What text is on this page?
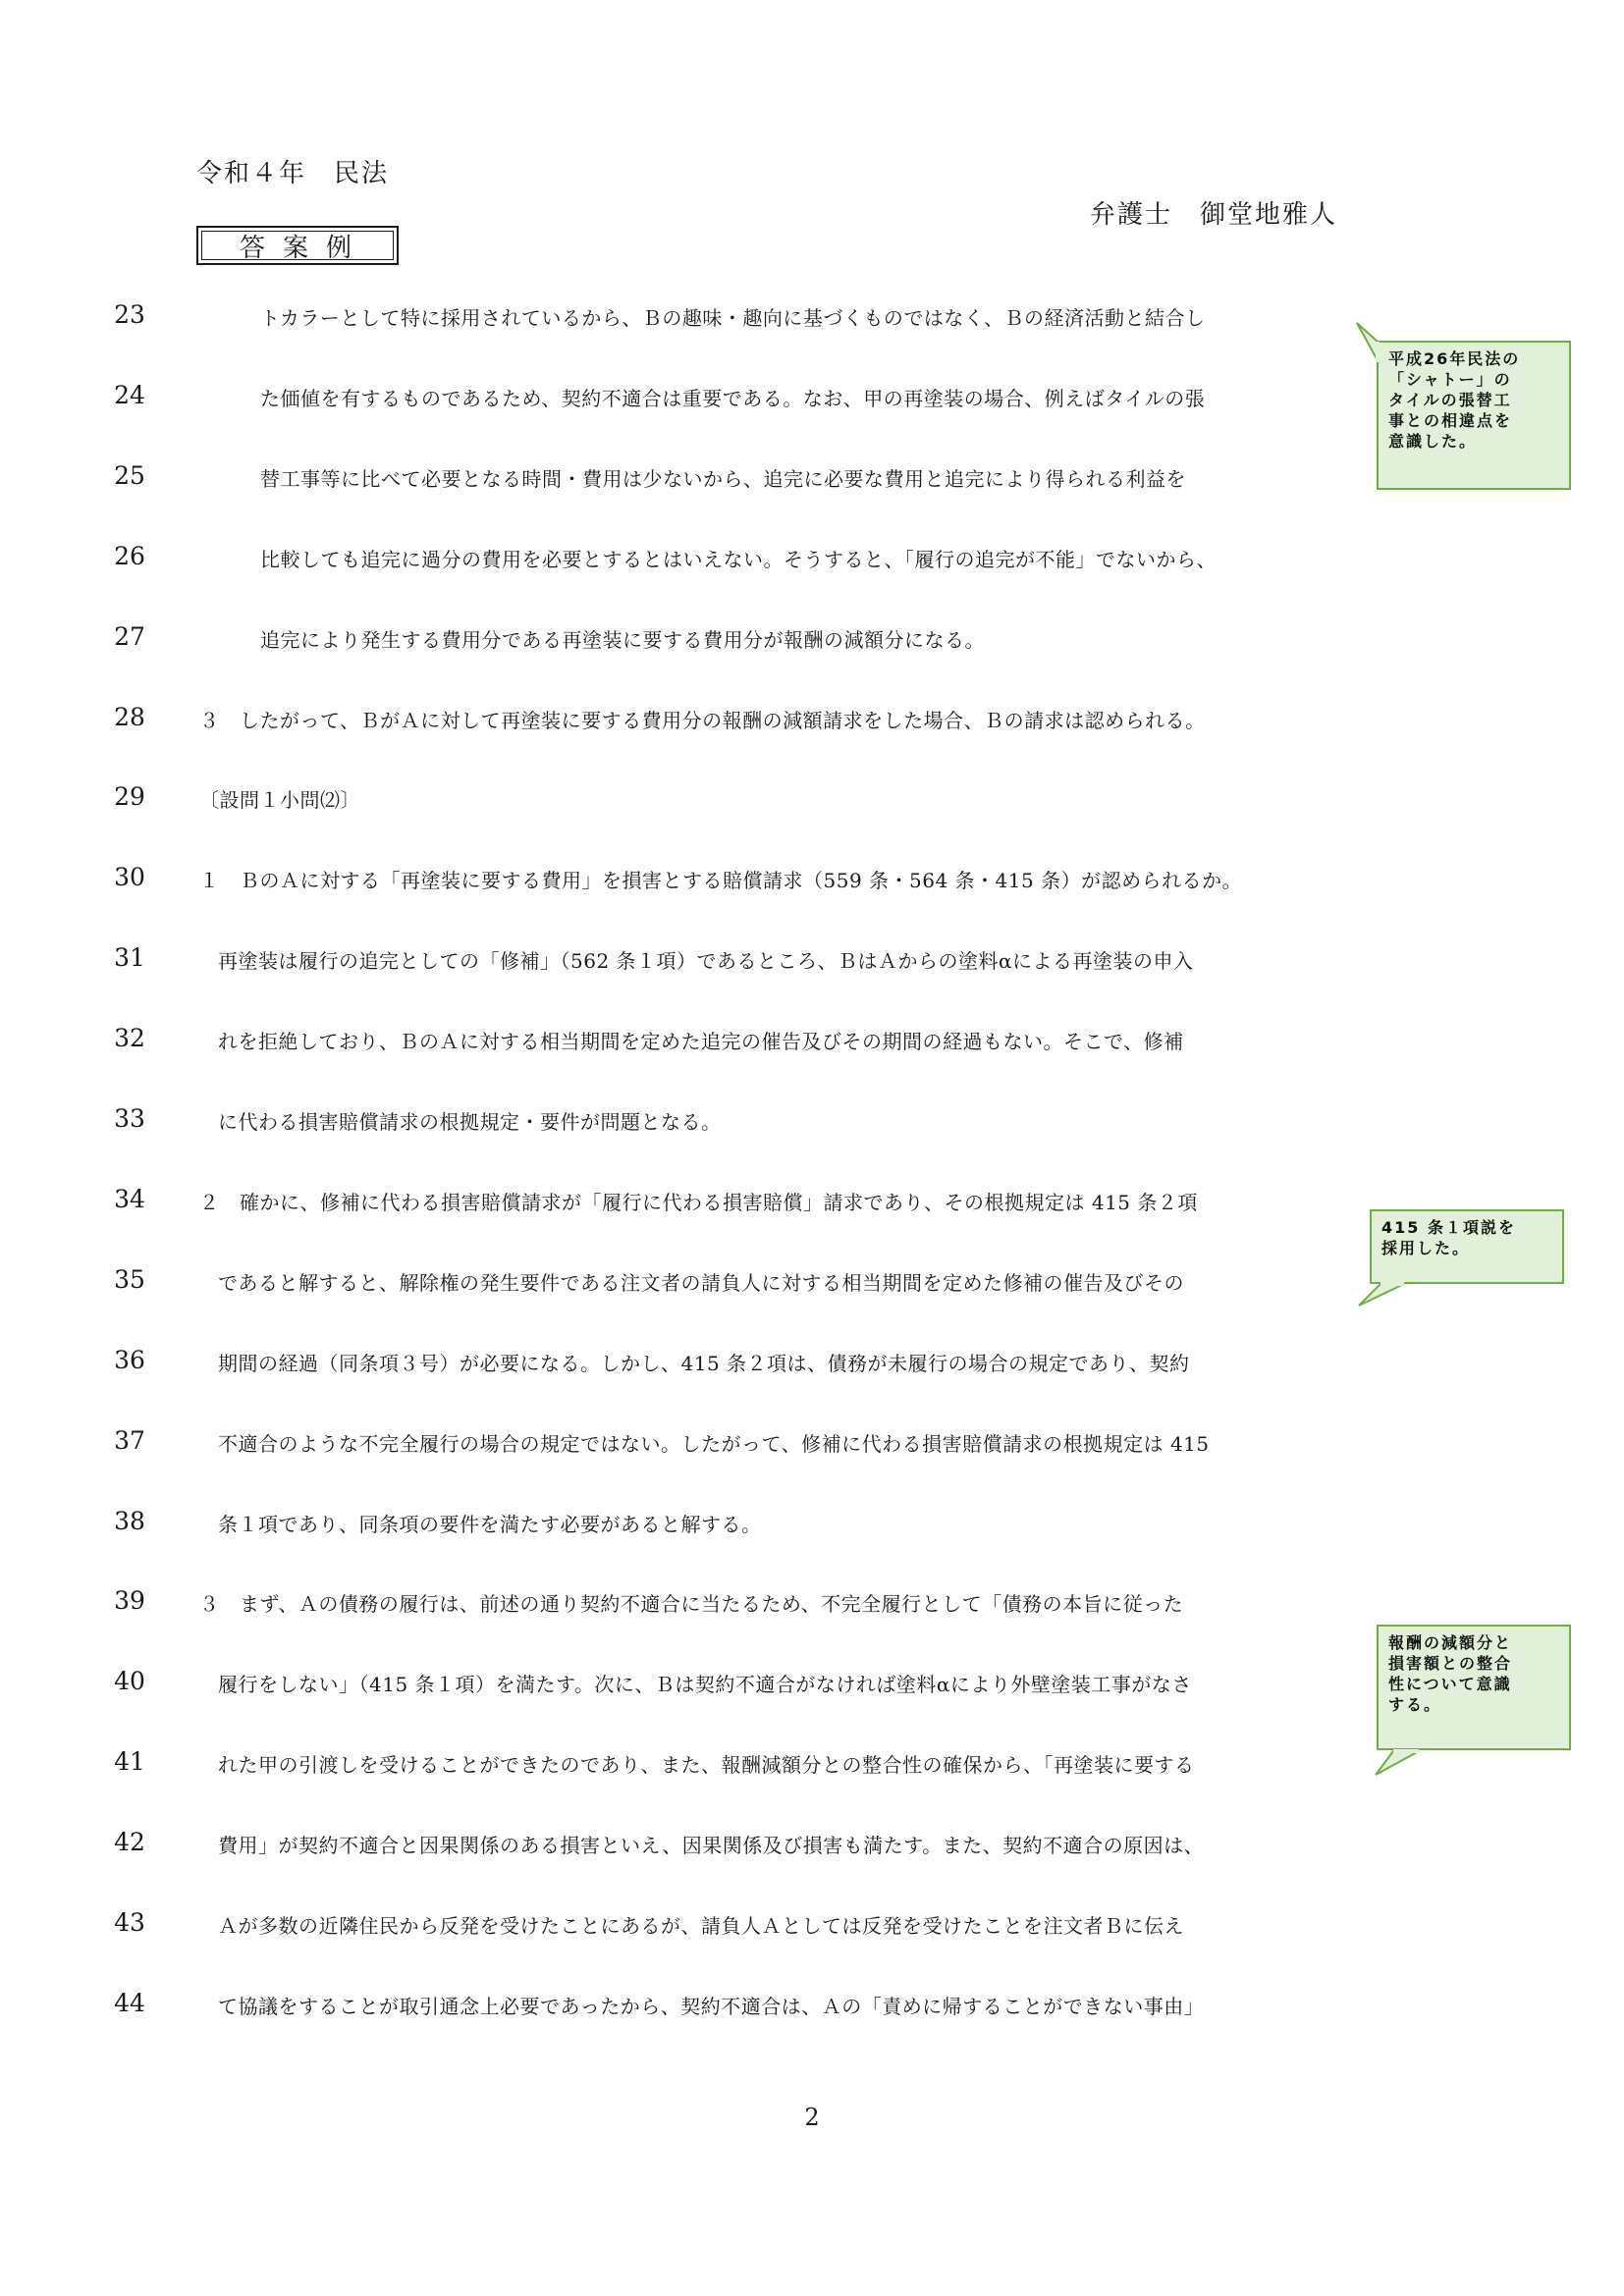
令和４年　民法
弁護士　御堂地雅人
答案例
23	トカラーとして特に採用されているから、Ｂの趣味・趣向に基づくものではなく、Ｂの経済活動と結合し
24	た価値を有するものであるため、契約不適合は重要である。なお、甲の再塗装の場合、例えばタイルの張
25	替工事等に比べて必要となる時間・費用は少ないから、追完に必要な費用と追完により得られる利益を
26	比較しても追完に過分の費用を必要とするとはいえない。そうすると、「履行の追完が不能」でないから、
27	追完により発生する費用分である再塗装に要する費用分が報酬の減額分になる。
28	３　したがって、ＢがＡに対して再塗装に要する費用分の報酬の減額請求をした場合、Ｂの請求は認められる。
29	〔設問１小問⑵〕
30	１　ＢのＡに対する「再塗装に要する費用」を損害とする賠償請求（559 条・564 条・415 条）が認められるか。
31	再塗装は履行の追完としての「修補」（562 条１項）であるところ、ＢはＡからの塗料αによる再塗装の申入
32	れを拒絶しており、ＢのＡに対する相当期間を定めた追完の催告及びその期間の経過もない。そこで、修補
33	に代わる損害賠償請求の根拠規定・要件が問題となる。
34	２　確かに、修補に代わる損害賠償請求が「履行に代わる損害賠償」請求であり、その根拠規定は 415 条２項
35	であると解すると、解除権の発生要件である注文者の請負人に対する相当期間を定めた修補の催告及びその
36	期間の経過（同条項３号）が必要になる。しかし、415 条２項は、債務が未履行の場合の規定であり、契約
37	不適合のような不完全履行の場合の規定ではない。したがって、修補に代わる損害賠償請求の根拠規定は 415
38	条１項であり、同条項の要件を満たす必要があると解する。
39	３　まず、Ａの債務の履行は、前述の通り契約不適合に当たるため、不完全履行として「債務の本旨に従った
40	履行をしない」（415 条１項）を満たす。次に、Ｂは契約不適合がなければ塗料αにより外壁塗装工事がなさ
41	れた甲の引渡しを受けることができたのであり、また、報酬減額分との整合性の確保から、「再塗装に要する
42	費用」が契約不適合と因果関係のある損害といえ、因果関係及び損害も満たす。また、契約不適合の原因は、
43	Ａが多数の近隣住民から反発を受けたことにあるが、請負人Ａとしては反発を受けたことを注文者Ｂに伝え
44	て協議をすることが取引通念上必要であったから、契約不適合は、Ａの「責めに帰することができない事由」
平成26年民法の
「シャトー」の
タイルの張替工
事との相違点を
意識した。
415 条１項説を
採用した。
報酬の減額分と
損害額との整合
性について意識
する。
2
